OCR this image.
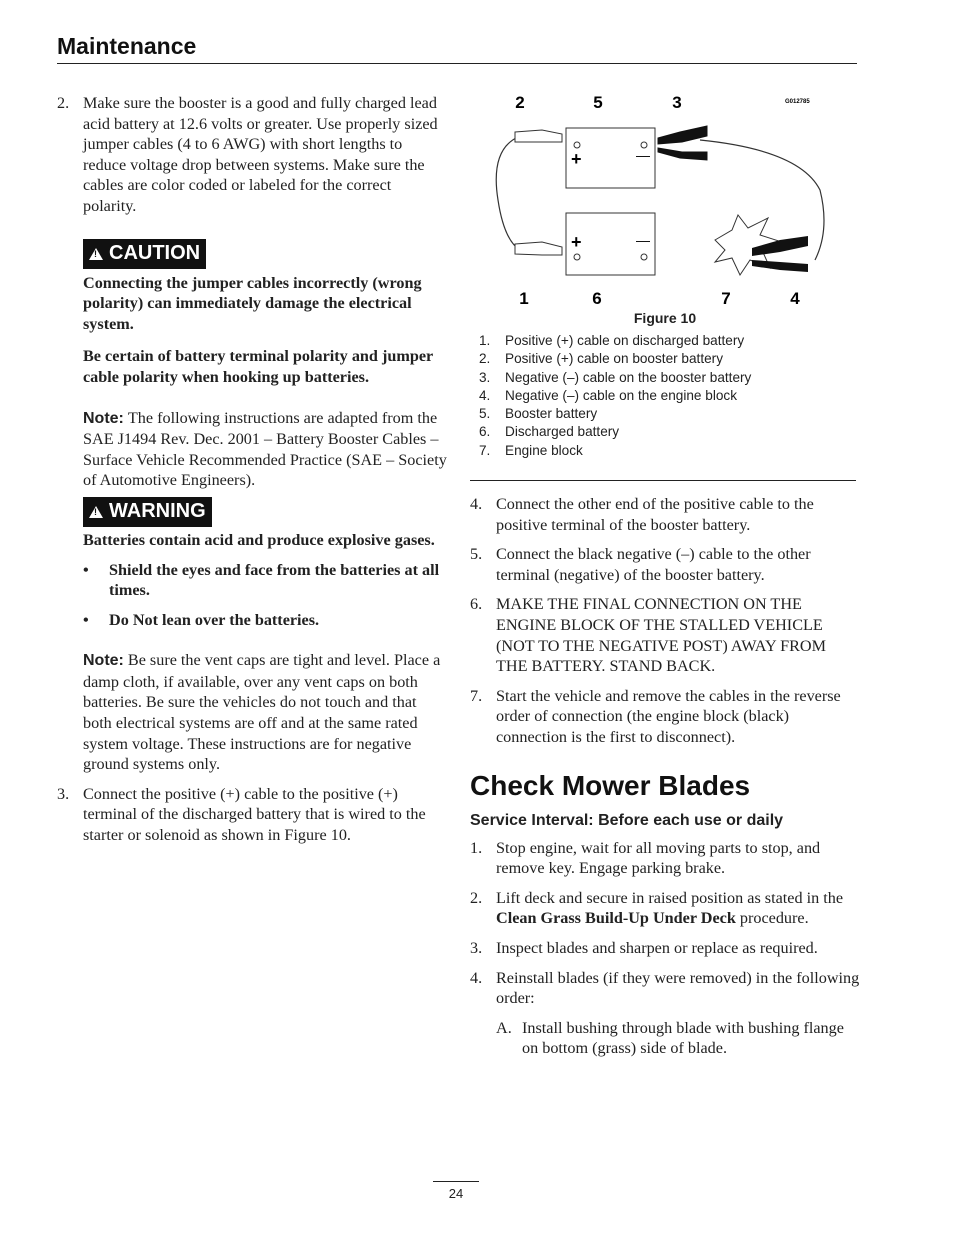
Maintenance
2. Make sure the booster is a good and fully charged lead acid battery at 12.6 volts or greater. Use properly sized jumper cables (4 to 6 AWG) with short lengths to reduce voltage drop between systems. Make sure the cables are color coded or labeled for the correct polarity.
!
CAUTION

Connecting the jumper cables incorrectly (wrong polarity) can immediately damage the electrical system.

Be certain of battery terminal polarity and jumper cable polarity when hooking up batteries.

Note: The following instructions are adapted from the SAE J1494 Rev. Dec. 2001 – Battery Booster Cables – Surface Vehicle Recommended Practice (SAE – Society of Automotive Engineers).

!
WARNING

Batteries contain acid and produce explosive gases.

•	Shield the eyes and face from the batteries at all times.
•	Do Not lean over the batteries.

Note: Be sure the vent caps are tight and level. Place a damp cloth, if available, over any vent caps on both batteries. Be sure the vehicles do not touch and that both electrical systems are off and at the same rated system voltage. These instructions are for negative ground systems only.

3. Connect the positive (+) cable to the positive (+) terminal of the discharged battery that is wired to the starter or solenoid as shown in Figure 10.
2	5	3	G012785
1	6	7	4
+	—
+	—

Figure 10

1.	Positive (+) cable on discharged battery
2.	Positive (+) cable on booster battery
3.	Negative (–) cable on the booster battery
4.	Negative (–) cable on the engine block
5.	Booster battery
6.	Discharged battery
7.	Engine block
4. Connect the other end of the positive cable to the positive terminal of the booster battery.
5. Connect the black negative (–) cable to the other terminal (negative) of the booster battery.
6. MAKE THE FINAL CONNECTION ON THE ENGINE BLOCK OF THE STALLED VEHICLE (NOT TO THE NEGATIVE POST) AWAY FROM THE BATTERY. STAND BACK.
7. Start the vehicle and remove the cables in the reverse order of connection (the engine block (black) connection is the first to disconnect).
Check Mower Blades

Service Interval: Before each use or daily

1. Stop engine, wait for all moving parts to stop, and remove key. Engage parking brake.
2. Lift deck and secure in raised position as stated in the Clean Grass Build-Up Under Deck procedure.
3. Inspect blades and sharpen or replace as required.
4. Reinstall blades (if they were removed) in the following order:
A. Install bushing through blade with bushing flange on bottom (grass) side of blade.
24
